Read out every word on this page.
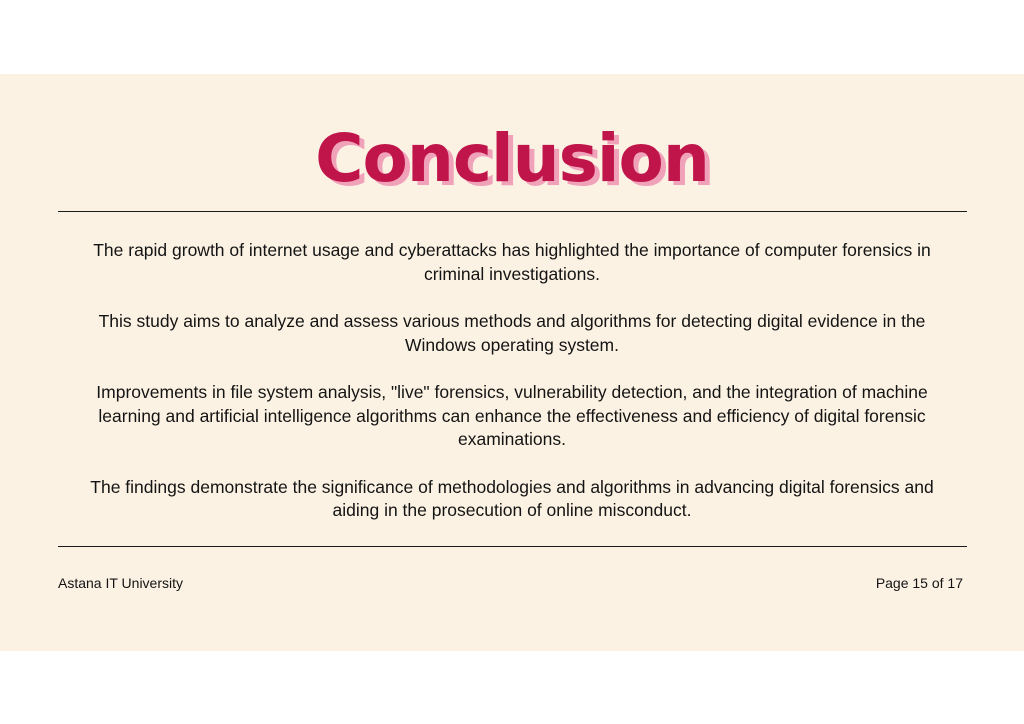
Conclusion

The rapid growth of internet usage and cyberattacks has highlighted the importance of computer forensics in criminal investigations.

This study aims to analyze and assess various methods and algorithms for detecting digital evidence in the Windows operating system.

Improvements in file system analysis, "live" forensics, vulnerability detection, and the integration of machine learning and artificial intelligence algorithms can enhance the effectiveness and efficiency of digital forensic examinations.

The findings demonstrate the significance of methodologies and algorithms in advancing digital forensics and aiding in the prosecution of online misconduct.

Astana IT University	Page 15 of 17
